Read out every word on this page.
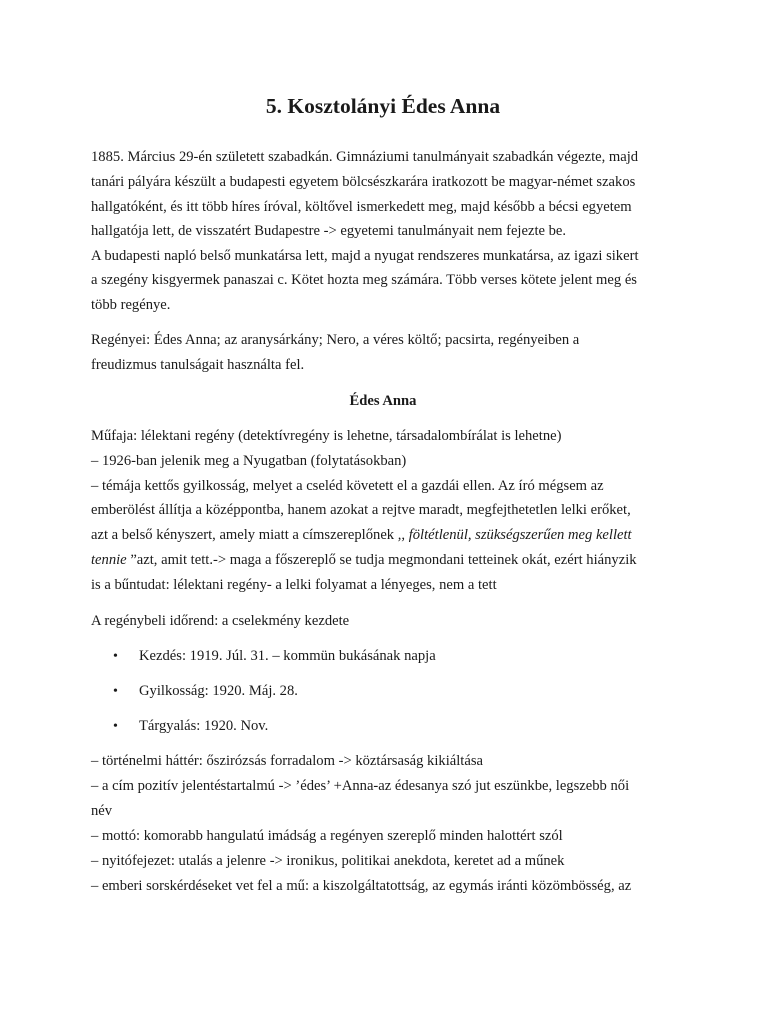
5. Kosztolányi Édes Anna

1885. Március 29-én született szabadkán. Gimnáziumi tanulmányait szabadkán végezte, majd

tanári pályára készült a budapesti egyetem bölcsészkarára iratkozott be magyar-német szakos

hallgatóként, és itt több híres íróval, költővel ismerkedett meg, majd később a bécsi egyetem

hallgatója lett, de visszatért Budapestre -> egyetemi tanulmányait nem fejezte be.

A budapesti napló belső munkatársa lett, majd a nyugat rendszeres munkatársa, az igazi sikert

a szegény kisgyermek panaszai c. Kötet hozta meg számára. Több verses kötete jelent meg és

több regénye.

Regényei: Édes Anna; az aranysárkány; Nero, a véres költő; pacsirta, regényeiben a

freudizmus tanulságait használta fel.

Édes Anna

Műfaja: lélektani regény (detektívregény is lehetne, társadalombírálat is lehetne)

– 1926-ban jelenik meg a Nyugatban (folytatásokban)

– témája kettős gyilkosság, melyet a cseléd követett el a gazdái ellen. Az író mégsem az

emberölést állítja a középpontba, hanem azokat a rejtve maradt, megfejthetetlen lelki erőket,

azt a belső kényszert, amely miatt a címszereplőnek ,, föltétlenül, szükségszerűen meg kellett

tennie ”azt, amit tett.-> maga a főszereplő se tudja megmondani tetteinek okát, ezért hiányzik

is a bűntudat: lélektani regény- a lelki folyamat a lényeges, nem a tett

A regénybeli időrend: a cselekmény kezdete

• Kezdés: 1919. Júl. 31. – kommün bukásának napja
• Gyilkosság: 1920. Máj. 28.
• Tárgyalás: 1920. Nov.

– történelmi háttér: őszirózsás forradalom -> köztársaság kikiáltása

– a cím pozitív jelentéstartalmú -> ’édes’ +Anna-az édesanya szó jut eszünkbe, legszebb női

név

– mottó: komorabb hangulatú imádság a regényen szereplő minden halottért szól

– nyitófejezet: utalás a jelenre -> ironikus, politikai anekdota, keretet ad a műnek

– emberi sorskérdéseket vet fel a mű: a kiszolgáltatottság, az egymás iránti közömbösség, az
